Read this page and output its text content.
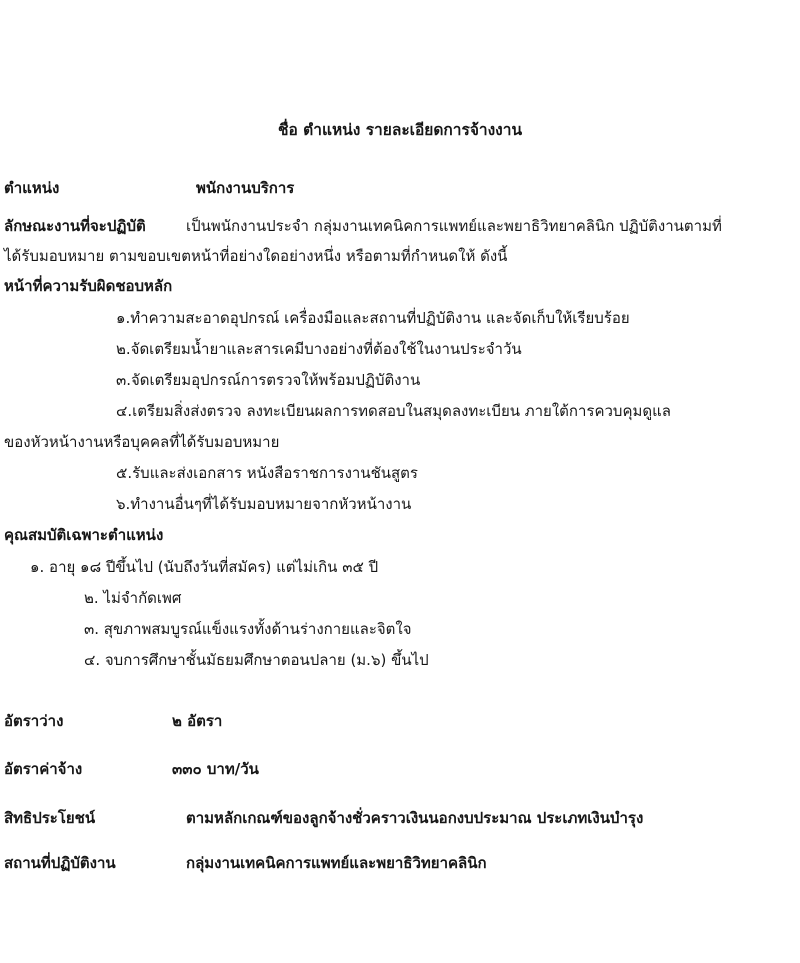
ชื่อ ตำแหน่ง รายละเอียดการจ้างงาน
ตำแหน่ง	พนักงานบริการ
ลักษณะงานที่จะปฏิบัติ	เป็นพนักงานประจำ กลุ่มงานเทคนิคการแพทย์และพยาธิวิทยาคลินิก ปฏิบัติงานตามที่
ได้รับมอบหมาย ตามขอบเขตหน้าที่อย่างใดอย่างหนึ่ง หรือตามที่กำหนดให้ ดังนี้
หน้าที่ความรับผิดชอบหลัก
๑.ทำความสะอาดอุปกรณ์ เครื่องมือและสถานที่ปฏิบัติงาน และจัดเก็บให้เรียบร้อย
๒.จัดเตรียมน้ำยาและสารเคมีบางอย่างที่ต้องใช้ในงานประจำวัน
๓.จัดเตรียมอุปกรณ์การตรวจให้พร้อมปฏิบัติงาน
๔.เตรียมสิ่งส่งตรวจ ลงทะเบียนผลการทดสอบในสมุดลงทะเบียน ภายใต้การควบคุมดูแล
ของหัวหน้างานหรือบุคคลที่ได้รับมอบหมาย
๕.รับและส่งเอกสาร หนังสือราชการงานชันสูตร
๖.ทำงานอื่นๆที่ได้รับมอบหมายจากหัวหน้างาน
คุณสมบัติเฉพาะตำแหน่ง
๑. อายุ ๑๘ ปีขึ้นไป (นับถึงวันที่สมัคร) แต่ไม่เกิน ๓๕ ปี
๒. ไม่จำกัดเพศ
๓. สุขภาพสมบูรณ์แข็งแรงทั้งด้านร่างกายและจิตใจ
๔. จบการศึกษาชั้นมัธยมศึกษาตอนปลาย (ม.๖) ขึ้นไป
อัตราว่าง	๒ อัตรา
อัตราค่าจ้าง	๓๓๐ บาท/วัน
สิทธิประโยชน์	ตามหลักเกณฑ์ของลูกจ้างชั่วคราวเงินนอกงบประมาณ ประเภทเงินบำรุง
สถานที่ปฏิบัติงาน	กลุ่มงานเทคนิคการแพทย์และพยาธิวิทยาคลินิก
